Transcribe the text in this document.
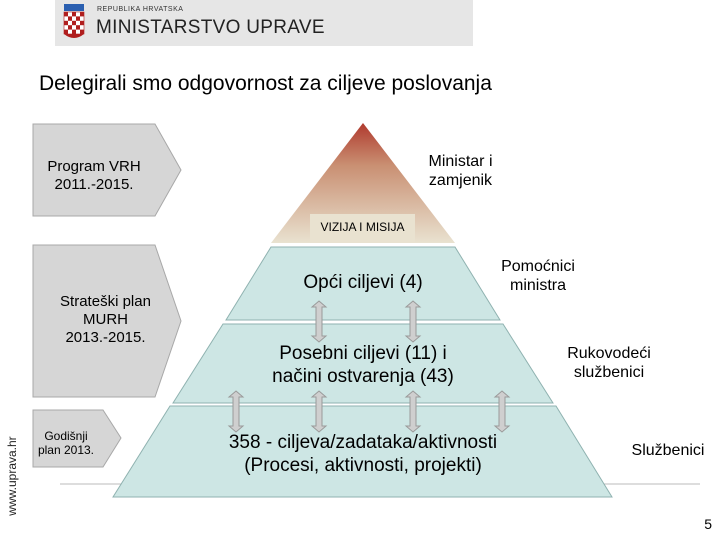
REPUBLIKA HRVATSKA
MINISTARSTVO UPRAVE
Delegirali smo odgovornost za ciljeve poslovanja
Program VRH
2011.-2015.
Strateški plan
MURH
2013.-2015.
Godišnji
plan 2013.
VIZIJA I MISIJA
Opći ciljevi (4)
Posebni ciljevi (11) i
načini ostvarenja (43)
358 - ciljeva/zadataka/aktivnosti
(Procesi, aktivnosti, projekti)
Ministar i
zamjenik
Pomoćnici
ministra
Rukovodeći
službenici
Službenici
www.uprava.hr
5
